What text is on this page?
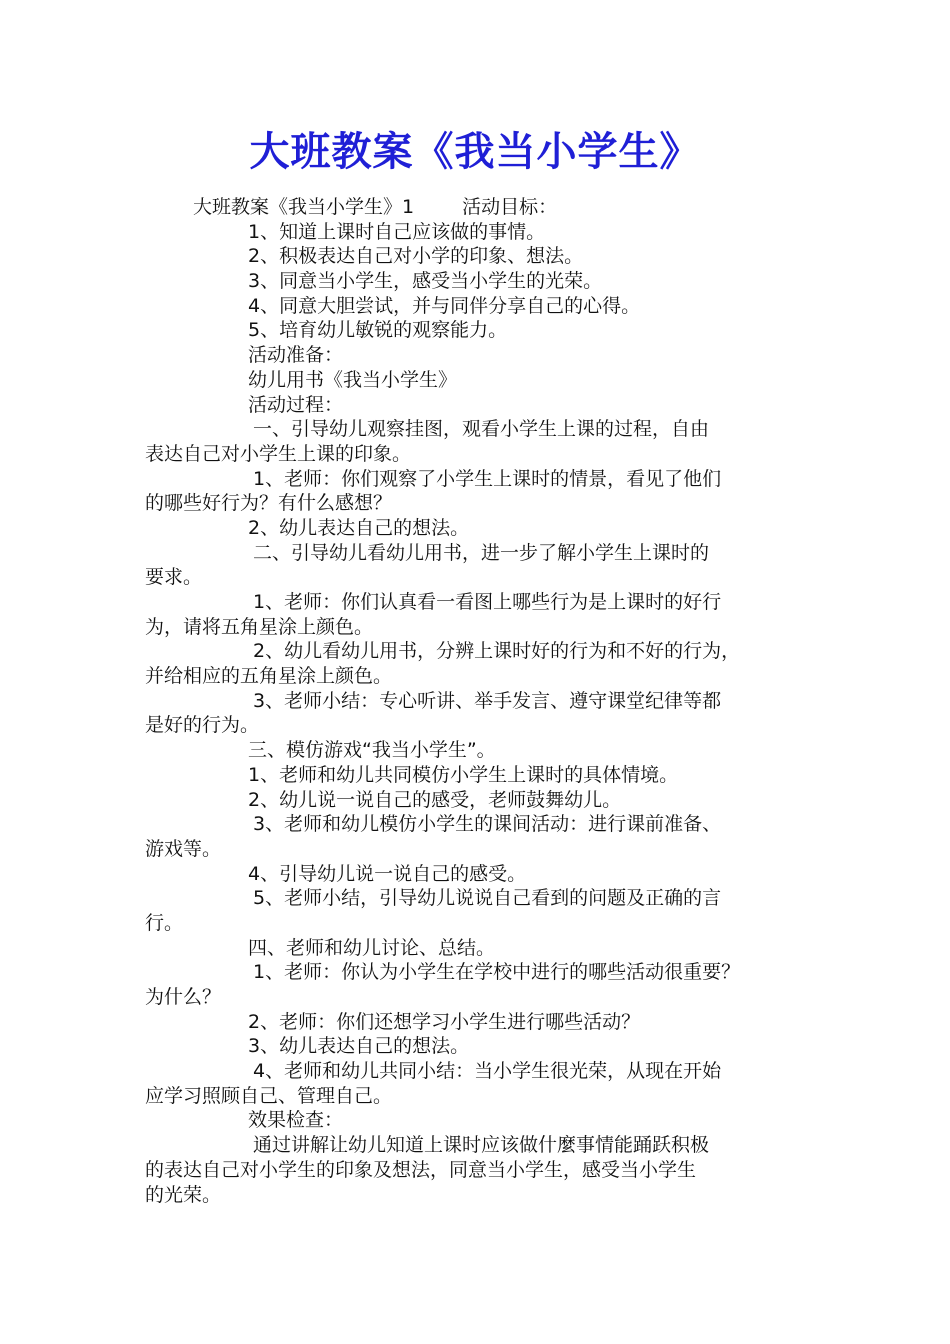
大班教案《我当小学生》
大班教案《我当小学生》1	活动目标：
1、知道上课时自己应该做的事情。
2、积极表达自己对小学的印象、想法。
3、同意当小学生，感受当小学生的光荣。
4、同意大胆尝试，并与同伴分享自己的心得。
5、培育幼儿敏锐的观察能力。
活动准备：
幼儿用书《我当小学生》
活动过程：
一、引导幼儿观察挂图，观看小学生上课的过程，自由
表达自己对小学生上课的印象。
1、老师：你们观察了小学生上课时的情景，看见了他们
的哪些好行为？有什么感想？
2、幼儿表达自己的想法。
二、引导幼儿看幼儿用书，进一步了解小学生上课时的
要求。
1、老师：你们认真看一看图上哪些行为是上课时的好行
为，请将五角星涂上颜色。
2、幼儿看幼儿用书，分辨上课时好的行为和不好的行为，
并给相应的五角星涂上颜色。
3、老师小结：专心听讲、举手发言、遵守课堂纪律等都
是好的行为。
三、模仿游戏“我当小学生”。
1、老师和幼儿共同模仿小学生上课时的具体情境。
2、幼儿说一说自己的感受，老师鼓舞幼儿。
3、老师和幼儿模仿小学生的课间活动：进行课前准备、
游戏等。
4、引导幼儿说一说自己的感受。
5、老师小结，引导幼儿说说自己看到的问题及正确的言
行。
四、老师和幼儿讨论、总结。
1、老师：你认为小学生在学校中进行的哪些活动很重要？
为什么？
2、老师：你们还想学习小学生进行哪些活动？
3、幼儿表达自己的想法。
4、老师和幼儿共同小结：当小学生很光荣，从现在开始
应学习照顾自己、管理自己。
效果检查：
通过讲解让幼儿知道上课时应该做什麼事情能踊跃积极
的表达自己对小学生的印象及想法，同意当小学生，感受当小学生
的光荣。
